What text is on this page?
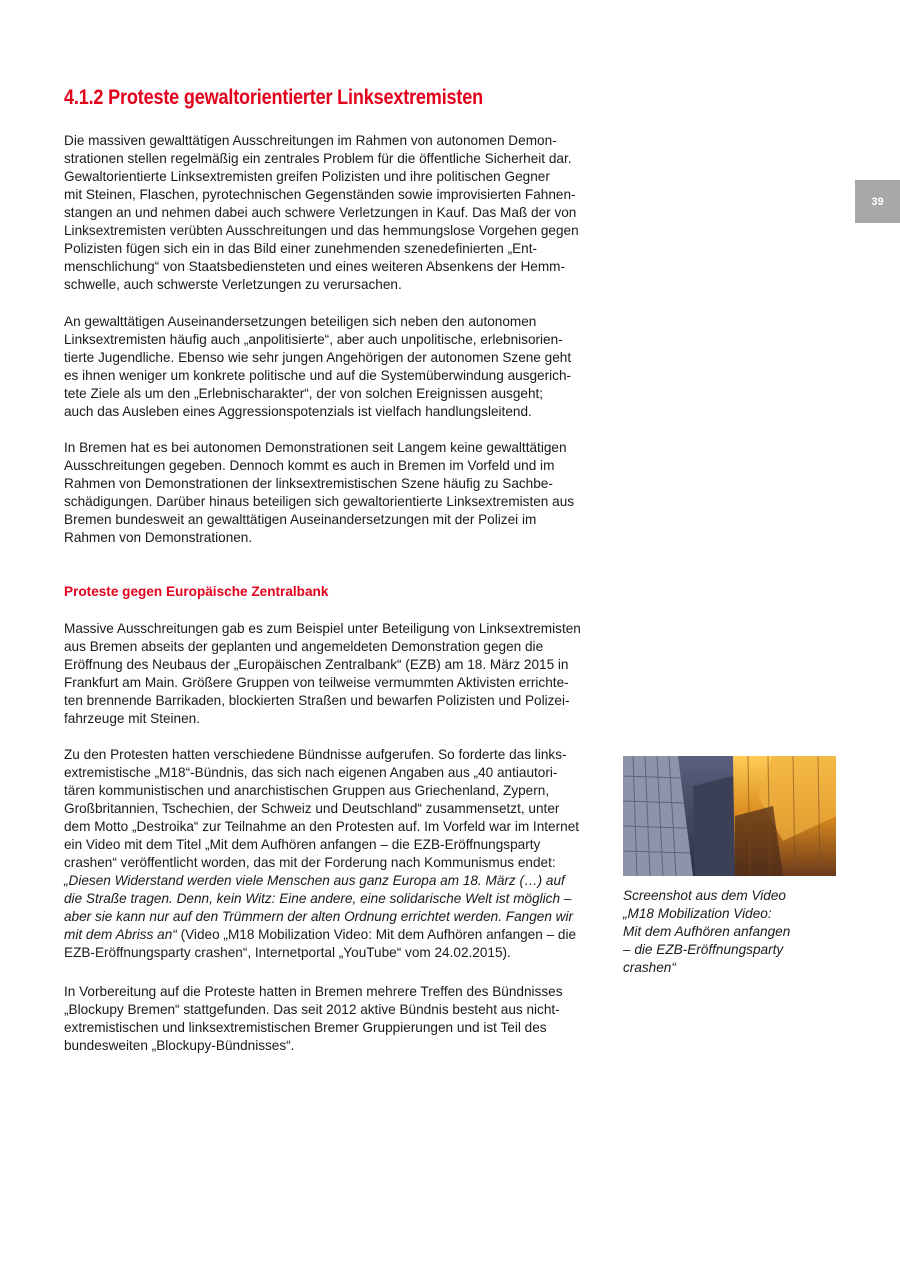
4.1.2 Proteste gewaltorientierter Linksextremisten
39
Die massiven gewalttätigen Ausschreitungen im Rahmen von autonomen Demon-
strationen stellen regelmäßig ein zentrales Problem für die öffentliche Sicherheit dar.
Gewaltorientierte Linksextremisten greifen Polizisten und ihre politischen Gegner
mit Steinen, Flaschen, pyrotechnischen Gegenständen sowie improvisierten Fahnen-
stangen an und nehmen dabei auch schwere Verletzungen in Kauf. Das Maß der von
Linksextremisten verübten Ausschreitungen und das hemmungslose Vorgehen gegen
Polizisten fügen sich ein in das Bild einer zunehmenden szenedefinierten „Ent-
menschlichung“ von Staatsbediensteten und eines weiteren Absenkens der Hemm-
schwelle, auch schwerste Verletzungen zu verursachen.
An gewalttätigen Auseinandersetzungen beteiligen sich neben den autonomen
Linksextremisten häufig auch „anpolitisierte“, aber auch unpolitische, erlebnisorien-
tierte Jugendliche. Ebenso wie sehr jungen Angehörigen der autonomen Szene geht
es ihnen weniger um konkrete politische und auf die Systemüberwindung ausgerich-
tete Ziele als um den „Erlebnischarakter“, der von solchen Ereignissen ausgeht;
auch das Ausleben eines Aggressionspotenzials ist vielfach handlungsleitend.
In Bremen hat es bei autonomen Demonstrationen seit Langem keine gewalttätigen
Ausschreitungen gegeben. Dennoch kommt es auch in Bremen im Vorfeld und im
Rahmen von Demonstrationen der linksextremistischen Szene häufig zu Sachbe-
schädigungen. Darüber hinaus beteiligen sich gewaltorientierte Linksextremisten aus
Bremen bundesweit an gewalttätigen Auseinandersetzungen mit der Polizei im
Rahmen von Demonstrationen.
Proteste gegen Europäische Zentralbank
Massive Ausschreitungen gab es zum Beispiel unter Beteiligung von Linksextremisten
aus Bremen abseits der geplanten und angemeldeten Demonstration gegen die
Eröffnung des Neubaus der „Europäischen Zentralbank“ (EZB) am 18. März 2015 in
Frankfurt am Main. Größere Gruppen von teilweise vermummten Aktivisten errichte-
ten brennende Barrikaden, blockierten Straßen und bewarfen Polizisten und Polizei-
fahrzeuge mit Steinen.
Zu den Protesten hatten verschiedene Bündnisse aufgerufen. So forderte das links-
extremistische „M18“-Bündnis, das sich nach eigenen Angaben aus „40 antiautori-
tären kommunistischen und anarchistischen Gruppen aus Griechenland, Zypern,
Großbritannien, Tschechien, der Schweiz und Deutschland“ zusammensetzt, unter
dem Motto „Destroika“ zur Teilnahme an den Protesten auf. Im Vorfeld war im Internet
ein Video mit dem Titel „Mit dem Aufhören anfangen – die EZB-Eröffnungsparty
crashen“ veröffentlicht worden, das mit der Forderung nach Kommunismus endet:
„Diesen Widerstand werden viele Menschen aus ganz Europa am 18. März (…) auf
die Straße tragen. Denn, kein Witz: Eine andere, eine solidarische Welt ist möglich –
aber sie kann nur auf den Trümmern der alten Ordnung errichtet werden. Fangen wir
mit dem Abriss an“ (Video „M18 Mobilization Video: Mit dem Aufhören anfangen – die
EZB-Eröffnungsparty crashen“, Internetportal „YouTube“ vom 24.02.2015).
In Vorbereitung auf die Proteste hatten in Bremen mehrere Treffen des Bündnisses
„Blockupy Bremen“ stattgefunden. Das seit 2012 aktive Bündnis besteht aus nicht-
extremistischen und linksextremistischen Bremer Gruppierungen und ist Teil des
bundesweiten „Blockupy-Bündnisses“.
Screenshot aus dem Video
„M18 Mobilization Video:
Mit dem Aufhören anfangen
– die EZB-Eröffnungsparty
crashen“
